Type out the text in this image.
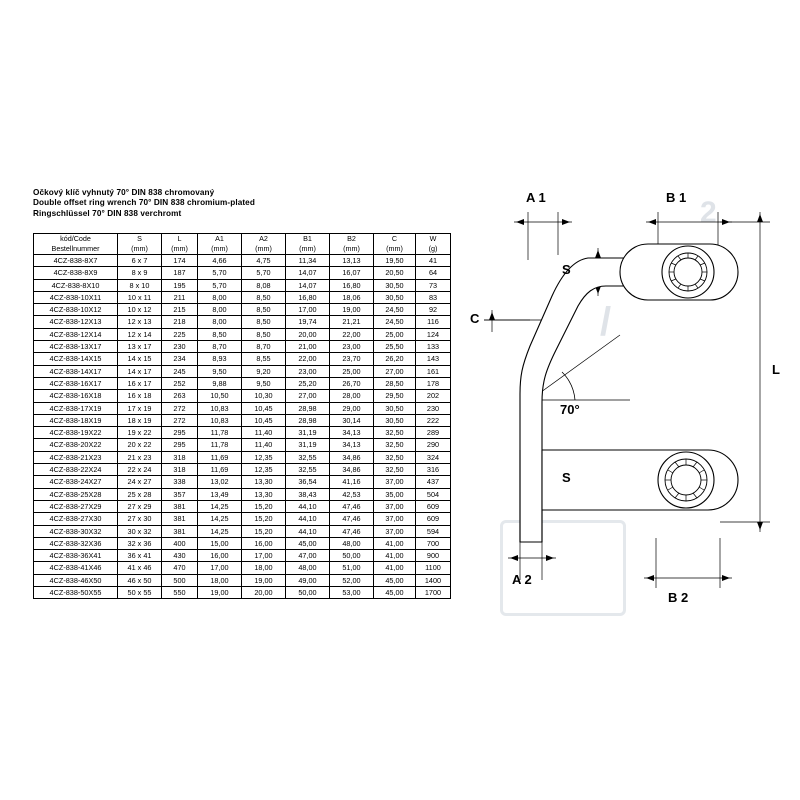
2
/
Očkový klíč vyhnutý 70° DIN 838 chromovaný
Double offset ring wrench 70° DIN 838 chromium-plated
Ringschlüssel 70° DIN 838 verchromt
kód/Code	S	L	A1	A2	B1	B2	C	W
Bestellnummer	(mm)	(mm)	(mm)	(mm)	(mm)	(mm)	(mm)	(g)
4CZ-838-8X7	6 x 7	174	4,66	4,75	11,34	13,13	19,50	41
4CZ-838-8X9	8 x 9	187	5,70	5,70	14,07	16,07	20,50	64
4CZ-838-8X10	8 x 10	195	5,70	8,08	14,07	16,80	30,50	73
4CZ-838-10X11	10 x 11	211	8,00	8,50	16,80	18,06	30,50	83
4CZ-838-10X12	10 x 12	215	8,00	8,50	17,00	19,00	24,50	92
4CZ-838-12X13	12 x 13	218	8,00	8,50	19,74	21,21	24,50	116
4CZ-838-12X14	12 x 14	225	8,50	8,50	20,00	22,00	25,00	124
4CZ-838-13X17	13 x 17	230	8,70	8,70	21,00	23,00	25,50	133
4CZ-838-14X15	14 x 15	234	8,93	8,55	22,00	23,70	26,20	143
4CZ-838-14X17	14 x 17	245	9,50	9,20	23,00	25,00	27,00	161
4CZ-838-16X17	16 x 17	252	9,88	9,50	25,20	26,70	28,50	178
4CZ-838-16X18	16 x 18	263	10,50	10,30	27,00	28,00	29,50	202
4CZ-838-17X19	17 x 19	272	10,83	10,45	28,98	29,00	30,50	230
4CZ-838-18X19	18 x 19	272	10,83	10,45	28,98	30,14	30,50	222
4CZ-838-19X22	19 x 22	295	11,78	11,40	31,19	34,13	32,50	289
4CZ-838-20X22	20 x 22	295	11,78	11,40	31,19	34,13	32,50	290
4CZ-838-21X23	21 x 23	318	11,69	12,35	32,55	34,86	32,50	324
4CZ-838-22X24	22 x 24	318	11,69	12,35	32,55	34,86	32,50	316
4CZ-838-24X27	24 x 27	338	13,02	13,30	36,54	41,16	37,00	437
4CZ-838-25X28	25 x 28	357	13,49	13,30	38,43	42,53	35,00	504
4CZ-838-27X29	27 x 29	381	14,25	15,20	44,10	47,46	37,00	609
4CZ-838-27X30	27 x 30	381	14,25	15,20	44,10	47,46	37,00	609
4CZ-838-30X32	30 x 32	381	14,25	15,20	44,10	47,46	37,00	594
4CZ-838-32X36	32 x 36	400	15,00	16,00	45,00	48,00	41,00	700
4CZ-838-36X41	36 x 41	430	16,00	17,00	47,00	50,00	41,00	900
4CZ-838-41X46	41 x 46	470	17,00	18,00	48,00	51,00	41,00	1100
4CZ-838-46X50	46 x 50	500	18,00	19,00	49,00	52,00	45,00	1400
4CZ-838-50X55	50 x 55	550	19,00	20,00	50,00	53,00	45,00	1700
A 1	B 1
S
C
L
70°
S
A 2
B 2
